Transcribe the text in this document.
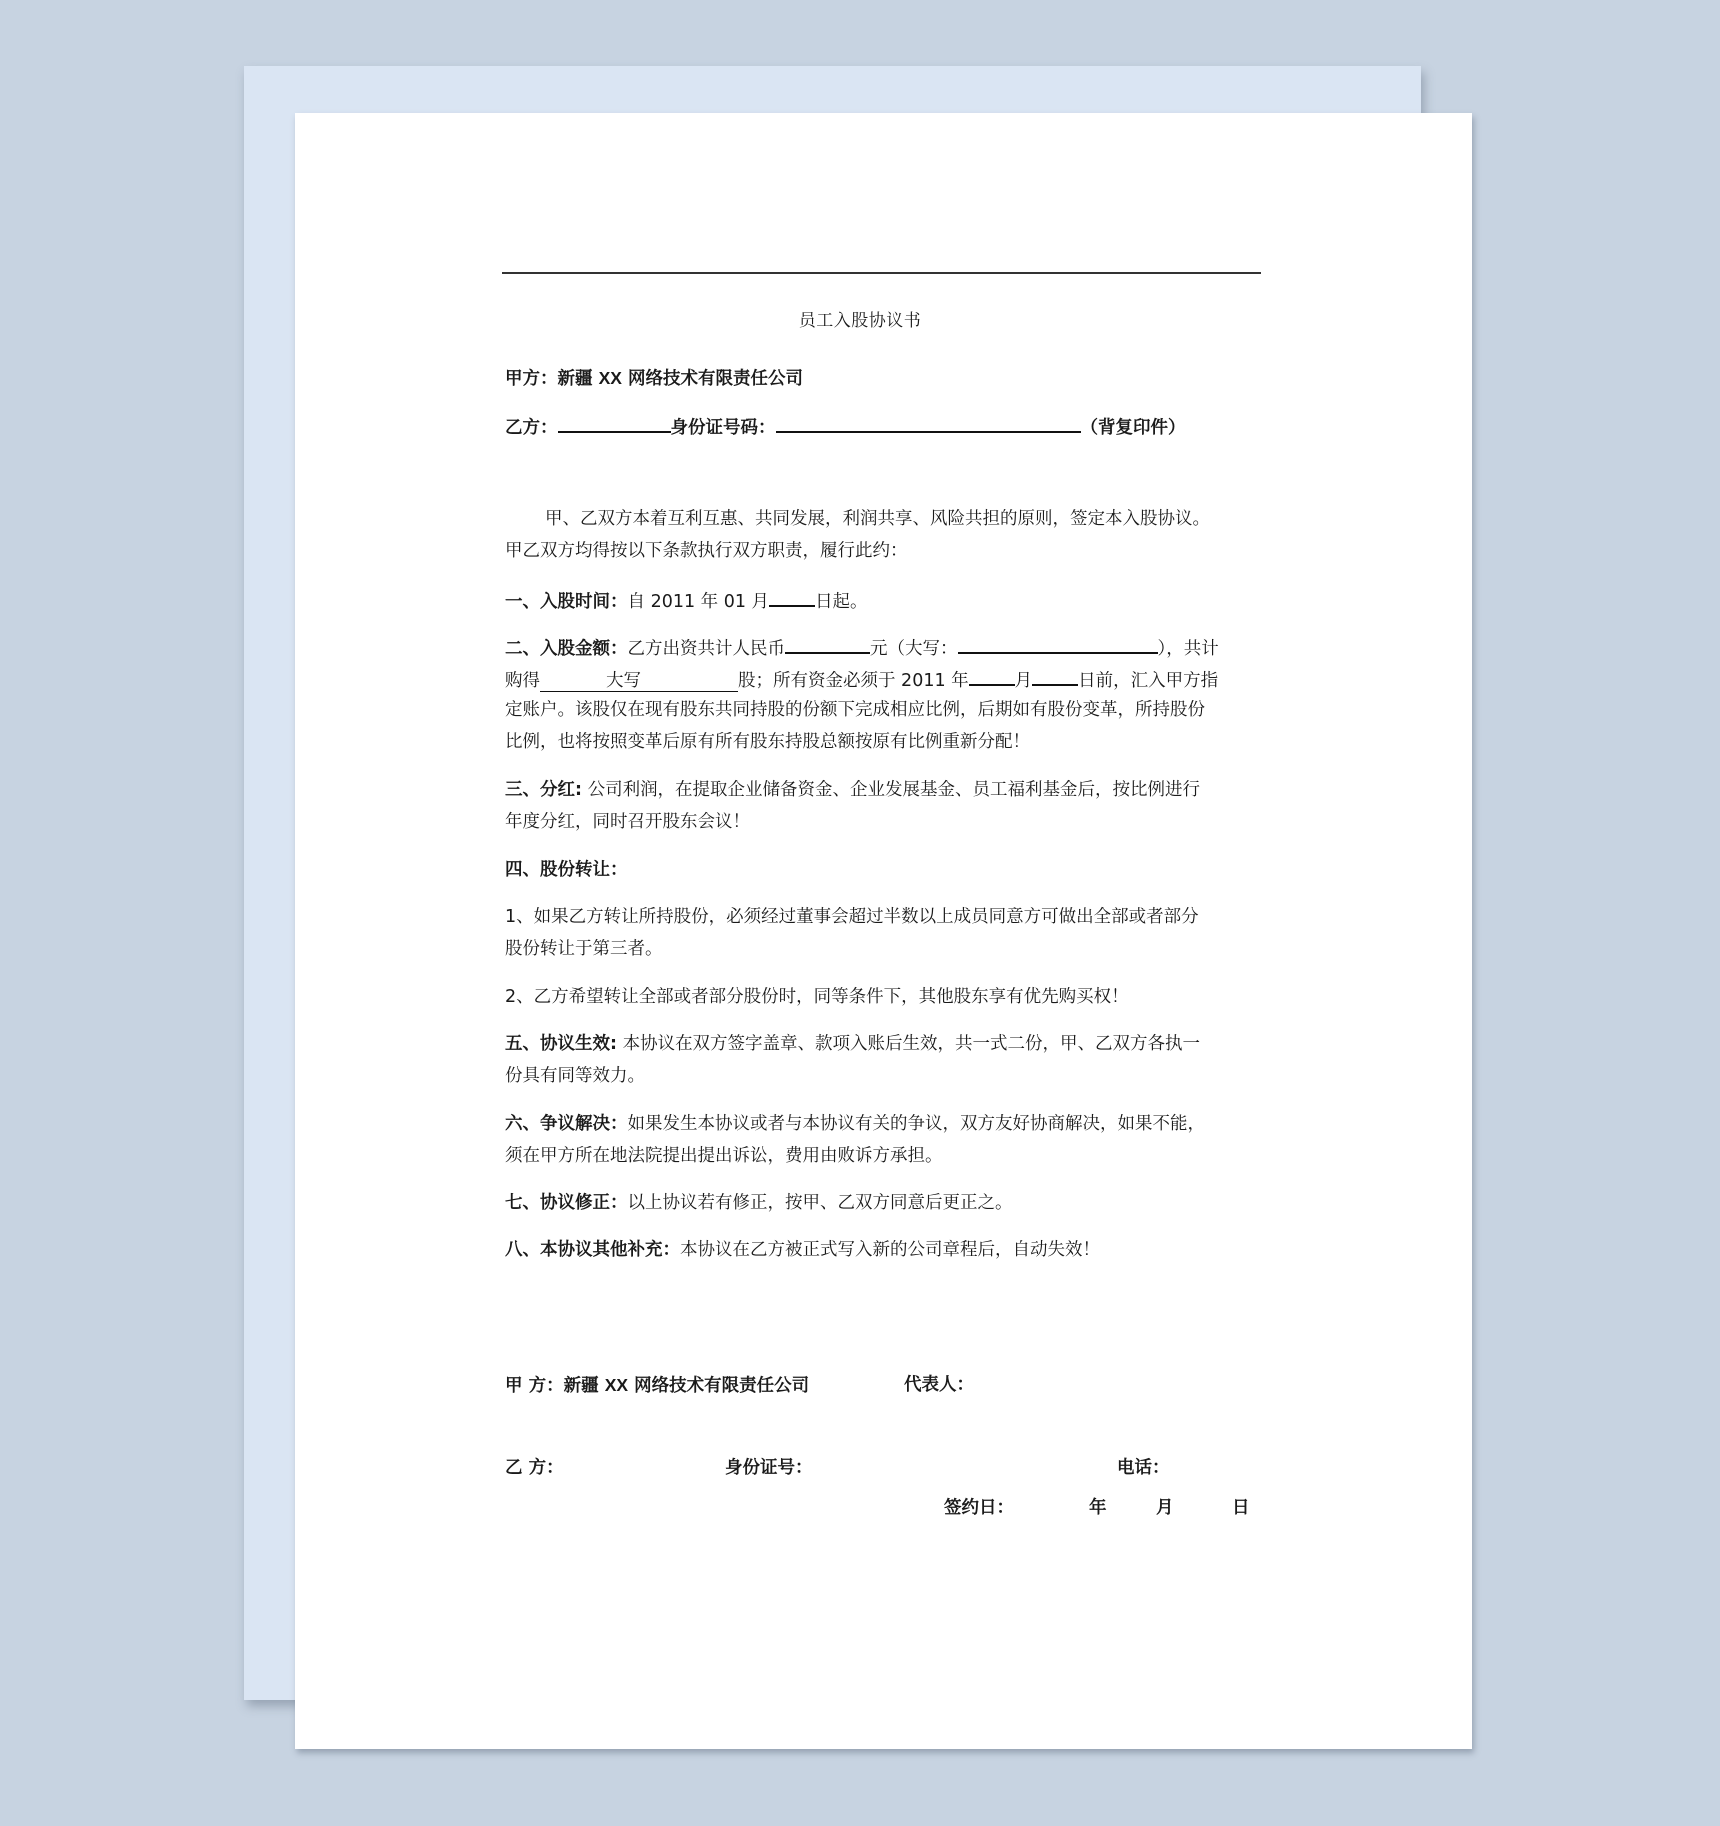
员工入股协议书
甲方：新疆 XX 网络技术有限责任公司
乙方：	身份证号码：	（背复印件）
甲、乙双方本着互利互惠、共同发展，利润共享、风险共担的原则，签定本入股协议。
甲乙双方均得按以下条款执行双方职责，履行此约：
一、入股时间：自 2011 年 01 月	日起。
二、入股金额：乙方出资共计人民币	元（大写：	），共计
购得	大写	股；所有资金必须于 2011 年	月	日前，汇入甲方指
定账户。该股仅在现有股东共同持股的份额下完成相应比例，后期如有股份变革，所持股份
比例，也将按照变革后原有所有股东持股总额按原有比例重新分配！
三、分红: 公司利润，在提取企业储备资金、企业发展基金、员工福利基金后，按比例进行
年度分红，同时召开股东会议！
四、股份转让：
1、如果乙方转让所持股份，必须经过董事会超过半数以上成员同意方可做出全部或者部分
股份转让于第三者。
2、乙方希望转让全部或者部分股份时，同等条件下，其他股东享有优先购买权！
五、协议生效: 本协议在双方签字盖章、款项入账后生效，共一式二份，甲、乙双方各执一
份具有同等效力。
六、争议解决：如果发生本协议或者与本协议有关的争议，双方友好协商解决，如果不能，
须在甲方所在地法院提出提出诉讼，费用由败诉方承担。
七、协议修正：以上协议若有修正，按甲、乙双方同意后更正之。
八、本协议其他补充：本协议在乙方被正式写入新的公司章程后，自动失效！
甲 方：新疆 XX 网络技术有限责任公司	代表人：
乙 方：	身份证号：	电话：
签约日：	年	月	日
